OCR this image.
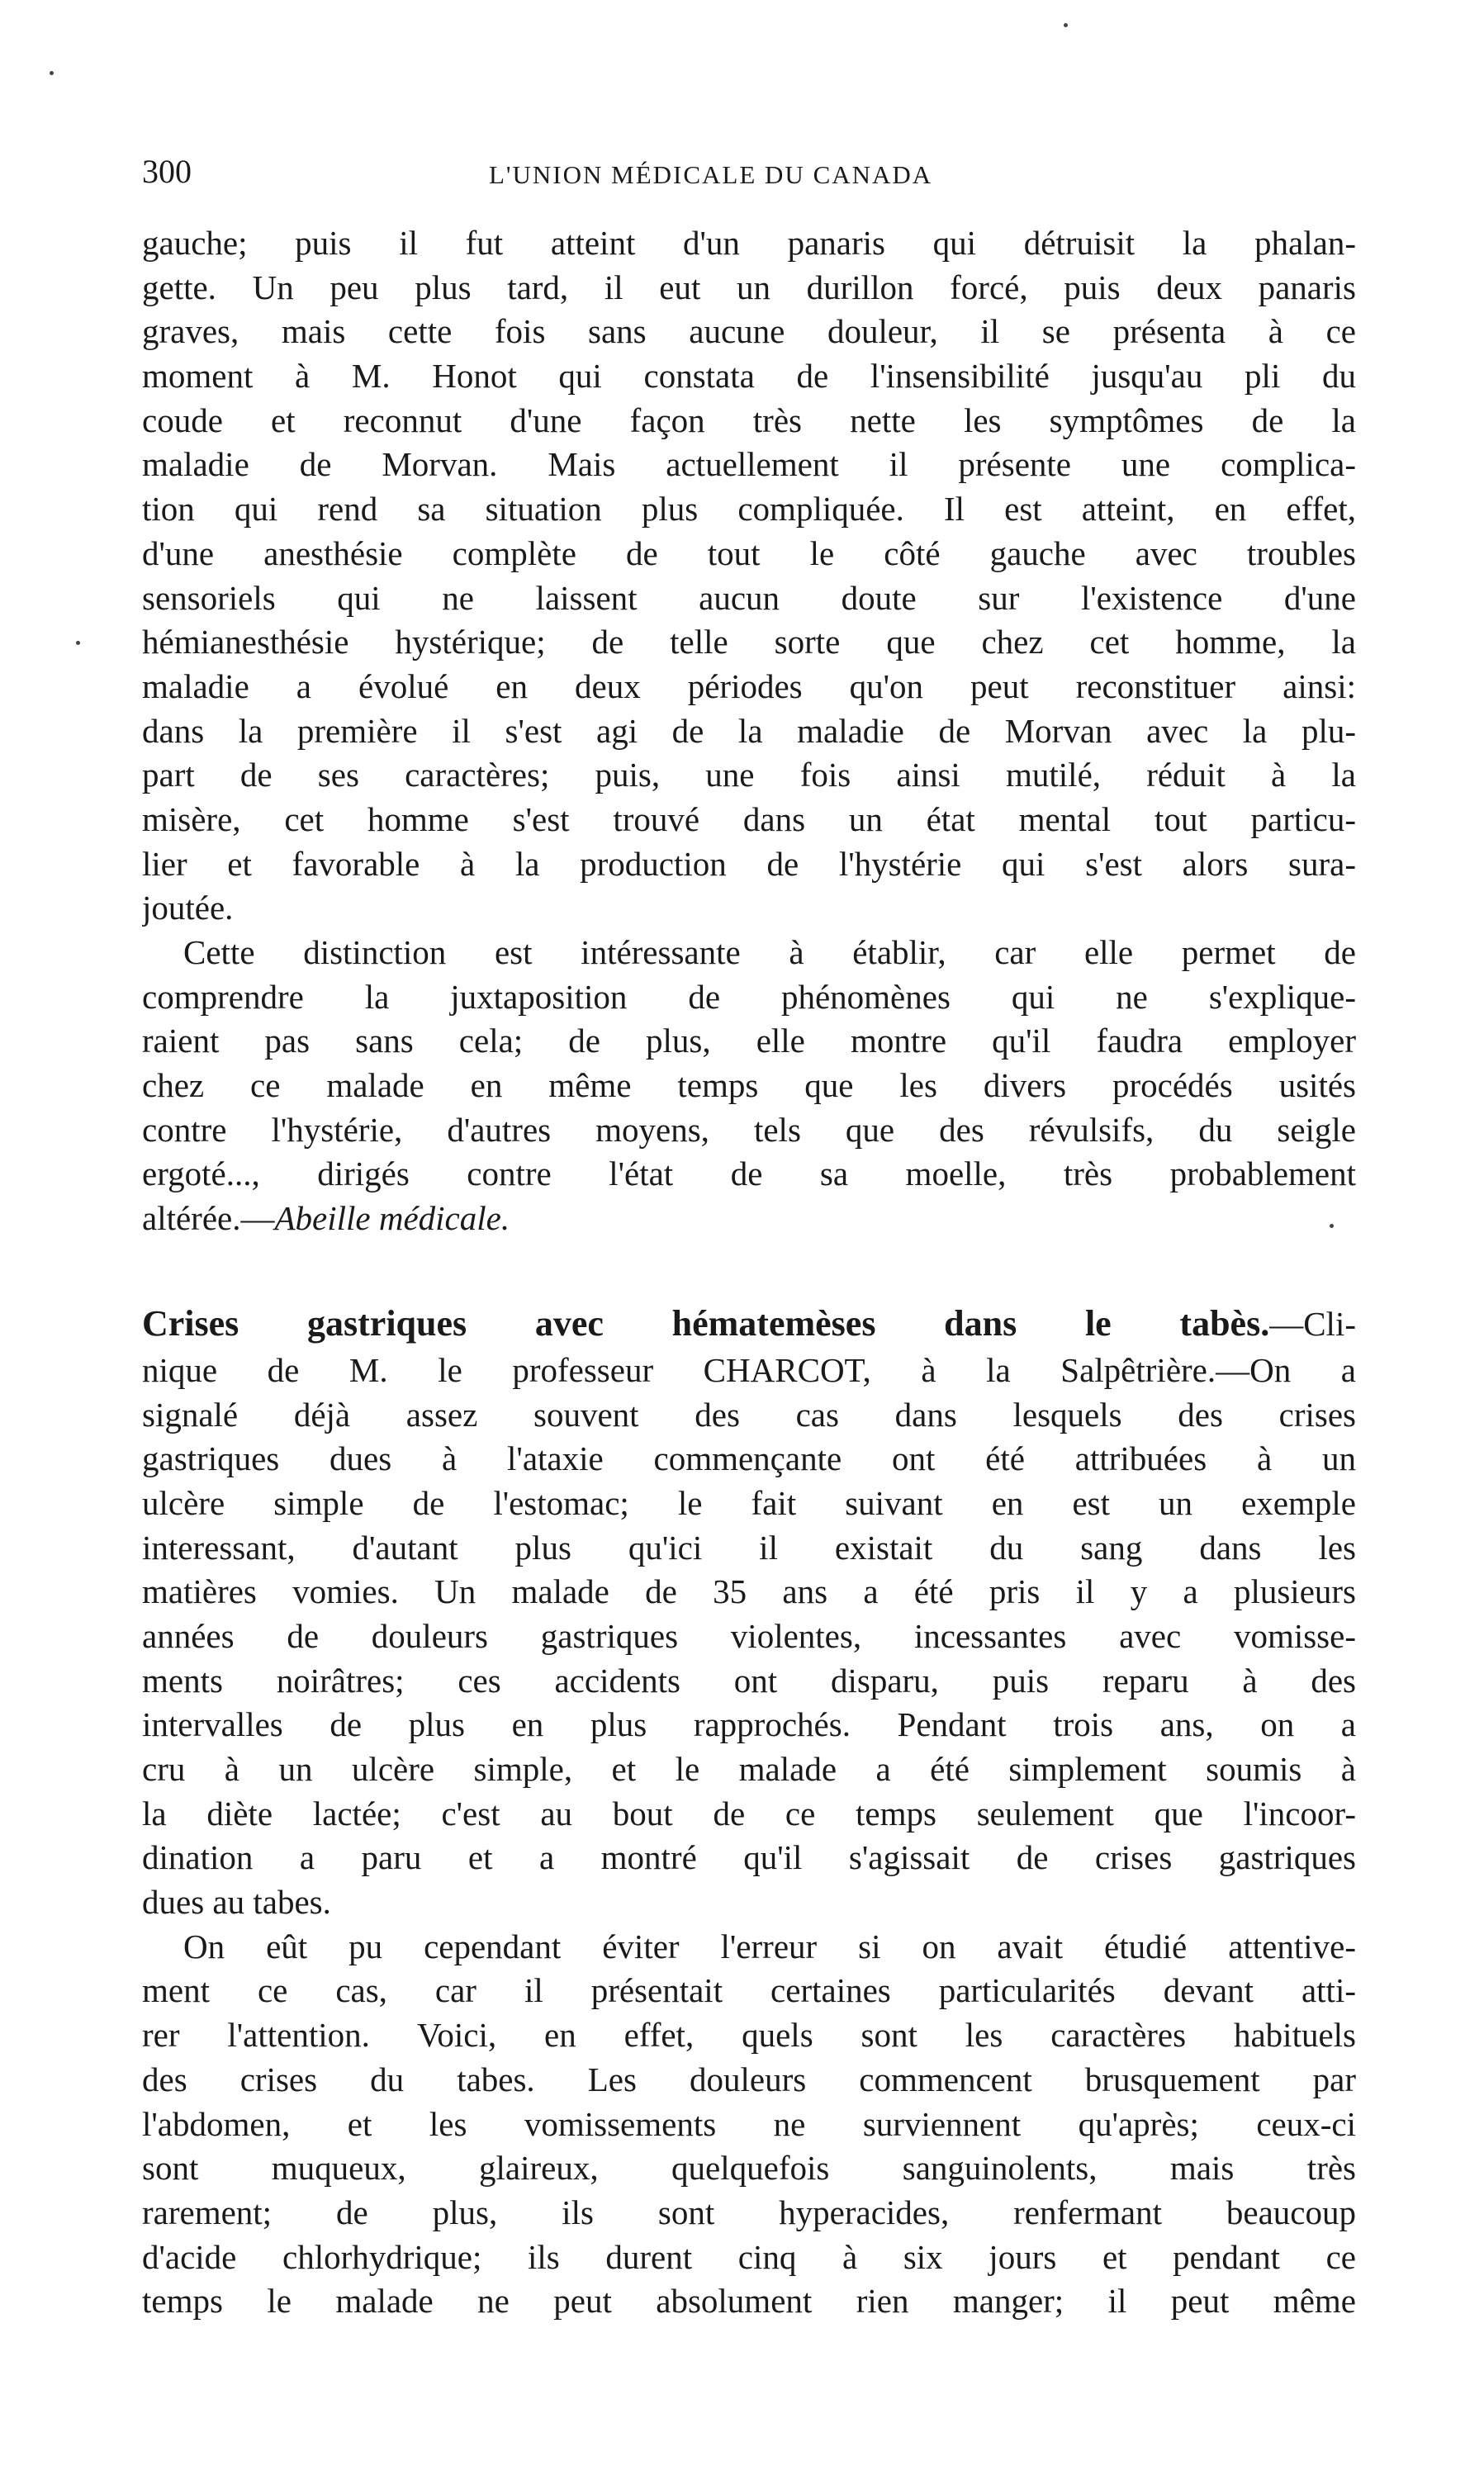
300	L'UNION MÉDICALE DU CANADA
gauche; puis il fut atteint d'un panaris qui détruisit la phalan-
gette. Un peu plus tard, il eut un durillon forcé, puis deux panaris
graves, mais cette fois sans aucune douleur, il se présenta à ce
moment à M. Honot qui constata de l'insensibilité jusqu'au pli du
coude et reconnut d'une façon très nette les symptômes de la
maladie de Morvan. Mais actuellement il présente une complica-
tion qui rend sa situation plus compliquée. Il est atteint, en effet,
d'une anesthésie complète de tout le côté gauche avec troubles
sensoriels qui ne laissent aucun doute sur l'existence d'une
hémianesthésie hystérique; de telle sorte que chez cet homme, la
maladie a évolué en deux périodes qu'on peut reconstituer ainsi:
dans la première il s'est agi de la maladie de Morvan avec la plu-
part de ses caractères; puis, une fois ainsi mutilé, réduit à la
misère, cet homme s'est trouvé dans un état mental tout particu-
lier et favorable à la production de l'hystérie qui s'est alors sura-
joutée.
Cette distinction est intéressante à établir, car elle permet de
comprendre la juxtaposition de phénomènes qui ne s'explique-
raient pas sans cela; de plus, elle montre qu'il faudra employer
chez ce malade en même temps que les divers procédés usités
contre l'hystérie, d'autres moyens, tels que des révulsifs, du seigle
ergoté..., dirigés contre l'état de sa moelle, très probablement
altérée.—Abeille médicale.
Crises gastriques avec hématemèses dans le tabès.—Cli-
nique de M. le professeur CHARCOT, à la Salpêtrière.—On a
signalé déjà assez souvent des cas dans lesquels des crises
gastriques dues à l'ataxie commençante ont été attribuées à un
ulcère simple de l'estomac; le fait suivant en est un exemple
interessant, d'autant plus qu'ici il existait du sang dans les
matières vomies. Un malade de 35 ans a été pris il y a plusieurs
années de douleurs gastriques violentes, incessantes avec vomisse-
ments noirâtres; ces accidents ont disparu, puis reparu à des
intervalles de plus en plus rapprochés. Pendant trois ans, on a
cru à un ulcère simple, et le malade a été simplement soumis à
la diète lactée; c'est au bout de ce temps seulement que l'incoor-
dination a paru et a montré qu'il s'agissait de crises gastriques
dues au tabes.
On eût pu cependant éviter l'erreur si on avait étudié attentive-
ment ce cas, car il présentait certaines particularités devant atti-
rer l'attention. Voici, en effet, quels sont les caractères habituels
des crises du tabes. Les douleurs commencent brusquement par
l'abdomen, et les vomissements ne surviennent qu'après; ceux-ci
sont muqueux, glaireux, quelquefois sanguinolents, mais très
rarement; de plus, ils sont hyperacides, renfermant beaucoup
d'acide chlorhydrique; ils durent cinq à six jours et pendant ce
temps le malade ne peut absolument rien manger; il peut même
